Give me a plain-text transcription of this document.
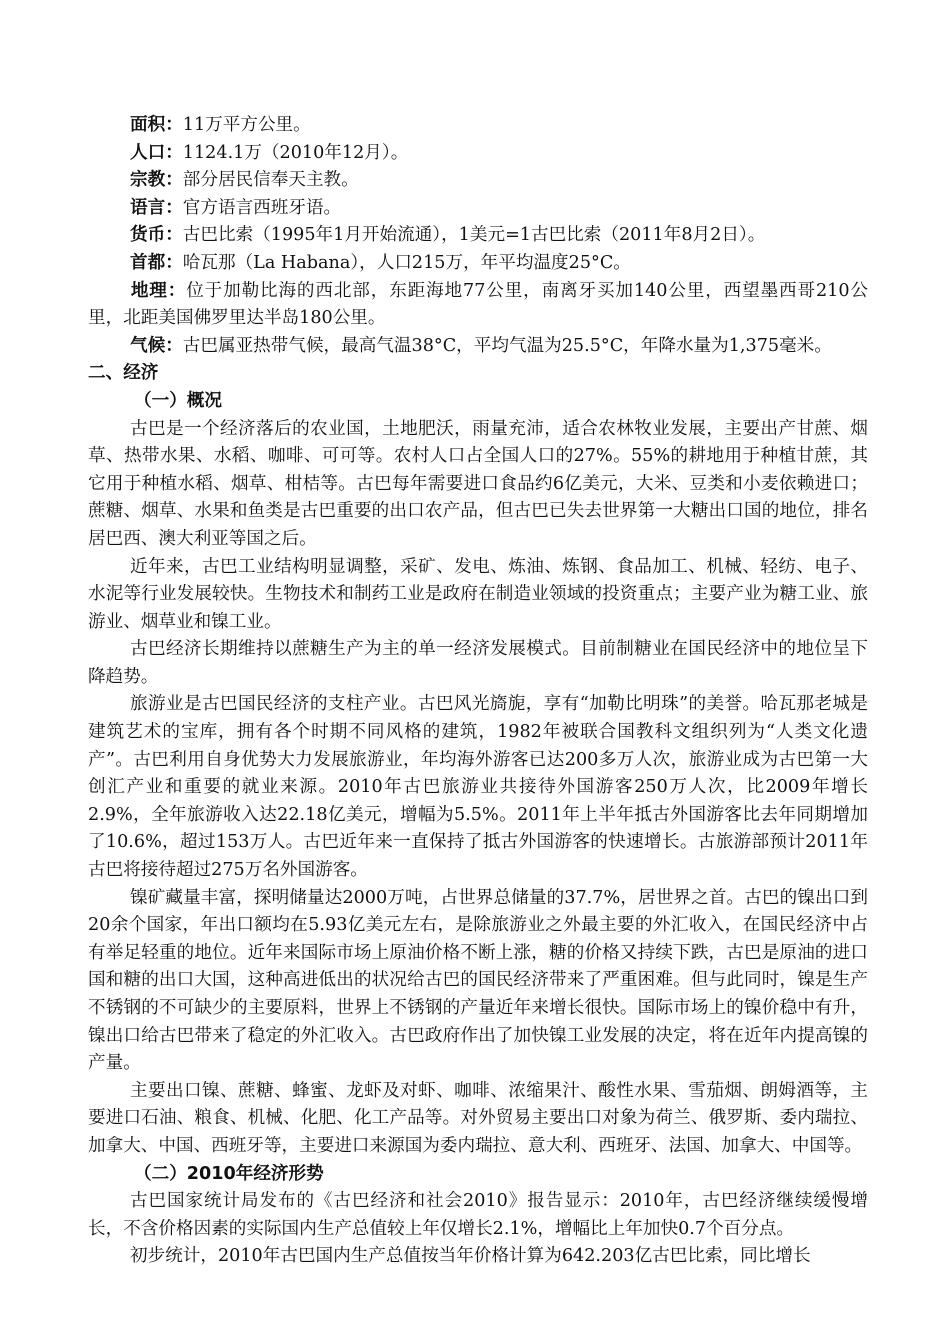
面积：11万平方公里。

人口：1124.1万（2010年12月）。

宗教：部分居民信奉天主教。

语言：官方语言西班牙语。

货币：古巴比索（1995年1月开始流通），1美元=1古巴比索（2011年8月2日）。

首都：哈瓦那（La Habana），人口215万，年平均温度25°C。

地理：位于加勒比海的西北部，东距海地77公里，南离牙买加140公里，西望墨西哥210公里，北距美国佛罗里达半岛180公里。

气候：古巴属亚热带气候，最高气温38°C，平均气温为25.5°C，年降水量为1,375毫米。

二、经济

（一）概况

古巴是一个经济落后的农业国，土地肥沃，雨量充沛，适合农林牧业发展，主要出产甘蔗、烟草、热带水果、水稻、咖啡、可可等。农村人口占全国人口的27%。55%的耕地用于种植甘蔗，其它用于种植水稻、烟草、柑桔等。古巴每年需要进口食品约6亿美元，大米、豆类和小麦依赖进口；蔗糖、烟草、水果和鱼类是古巴重要的出口农产品，但古巴已失去世界第一大糖出口国的地位，排名居巴西、澳大利亚等国之后。

近年来，古巴工业结构明显调整，采矿、发电、炼油、炼钢、食品加工、机械、轻纺、电子、水泥等行业发展较快。生物技术和制药工业是政府在制造业领域的投资重点；主要产业为糖工业、旅游业、烟草业和镍工业。

古巴经济长期维持以蔗糖生产为主的单一经济发展模式。目前制糖业在国民经济中的地位呈下降趋势。

旅游业是古巴国民经济的支柱产业。古巴风光旖旎，享有“加勒比明珠”的美誉。哈瓦那老城是建筑艺术的宝库，拥有各个时期不同风格的建筑，1982年被联合国教科文组织列为“人类文化遗产”。古巴利用自身优势大力发展旅游业，年均海外游客已达200多万人次，旅游业成为古巴第一大创汇产业和重要的就业来源。2010年古巴旅游业共接待外国游客250万人次，比2009年增长2.9%，全年旅游收入达22.18亿美元，增幅为5.5%。2011年上半年抵古外国游客比去年同期增加了10.6%，超过153万人。古巴近年来一直保持了抵古外国游客的快速增长。古旅游部预计2011年古巴将接待超过275万名外国游客。

镍矿藏量丰富，探明储量达2000万吨，占世界总储量的37.7%，居世界之首。古巴的镍出口到20余个国家，年出口额均在5.93亿美元左右，是除旅游业之外最主要的外汇收入，在国民经济中占有举足轻重的地位。近年来国际市场上原油价格不断上涨，糖的价格又持续下跌，古巴是原油的进口国和糖的出口大国，这种高进低出的状况给古巴的国民经济带来了严重困难。但与此同时，镍是生产不锈钢的不可缺少的主要原料，世界上不锈钢的产量近年来增长很快。国际市场上的镍价稳中有升，镍出口给古巴带来了稳定的外汇收入。古巴政府作出了加快镍工业发展的决定，将在近年内提高镍的产量。

主要出口镍、蔗糖、蜂蜜、龙虾及对虾、咖啡、浓缩果汁、酸性水果、雪茄烟、朗姆酒等，主要进口石油、粮食、机械、化肥、化工产品等。对外贸易主要出口对象为荷兰、俄罗斯、委内瑞拉、加拿大、中国、西班牙等，主要进口来源国为委内瑞拉、意大利、西班牙、法国、加拿大、中国等。

（二）2010年经济形势

古巴国家统计局发布的《古巴经济和社会2010》报告显示：2010年，古巴经济继续缓慢增长，不含价格因素的实际国内生产总值较上年仅增长2.1%，增幅比上年加快0.7个百分点。

初步统计，2010年古巴国内生产总值按当年价格计算为642.203亿古巴比索，同比增长
